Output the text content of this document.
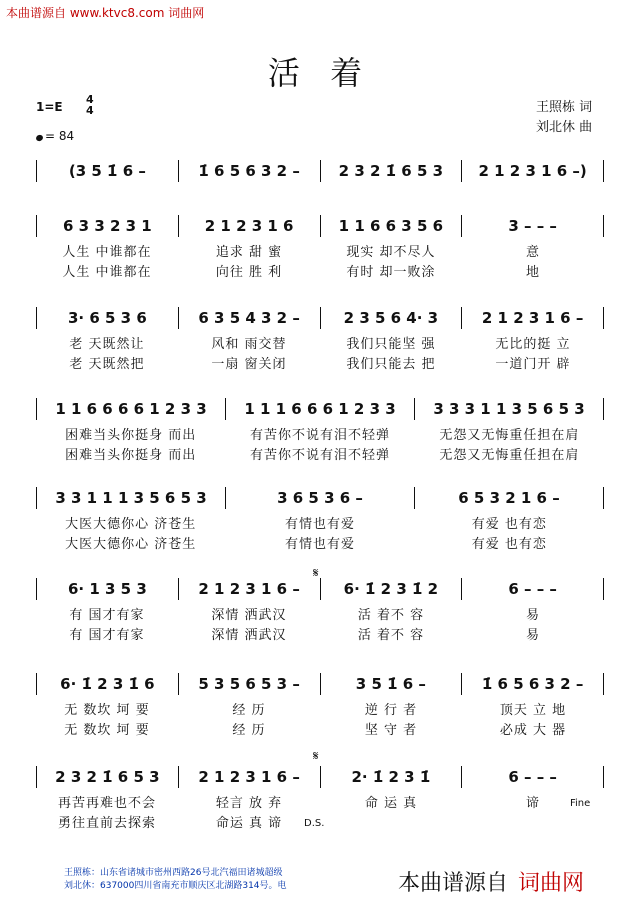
本曲谱源自 www.ktvc8.com 词曲网
活 着
1=E
4
4
= 84
王照栋 词
刘北休 曲
(3 5 1̇ 6 –	1̇ 6 5 6 3 2 –	2 3 2 1̇ 6 5 3	2 1 2 3 1 6 –)
6 3 3 2 3 1	2 1 2 3 1 6	1 1 6 6 3 5 6	3 – – –
人生 中谁都在	追求 甜 蜜	现实 却不尽人	意
人生 中谁都在	向往 胜 利	有时 却一败涂	地
3· 6 5 3 6	6 3 5 4 3 2 –	2 3 5 6 4· 3	2 1 2 3 1 6 –
老 天既然让	风和 雨交替	我们只能坚 强	无比的挺 立
老 天既然把	一扇 窗关闭	我们只能去 把	一道门开 辟
1 1 6 6 6 6 1 2 3 3	1 1 1 6 6 6 1 2 3 3	3 3 3 1 1 3 5 6 5 3
困难当头你挺身 而出	有苦你不说有泪不轻弹	无怨又无悔重任担在肩
困难当头你挺身 而出	有苦你不说有泪不轻弹	无怨又无悔重任担在肩
3 3 1 1 1 3 5 6 5 3	3 6 5 3 6 –	6 5 3 2 1 6 –
大医大德你心 济苍生	有情也有爱	有爱 也有恋
大医大德你心 济苍生	有情也有爱	有爱 也有恋
6· 1 3 5 3	2 1 2 3 1 6 –	6· 1̇ 2 3 1̇ 2	6 – – –
有 国才有家	深情 洒武汉	活 着不 容	易
有 国才有家	深情 洒武汉	活 着不 容	易
6· 1̇ 2 3 1̇ 6	5 3 5 6 5 3 –	3 5 1̇ 6 –	1̇ 6 5 6 3 2 –
无 数坎 坷 要	经 历	逆 行 者	顶天 立 地
无 数坎 坷 要	经 历	坚 守 者	必成 大 器
2 3 2 1̇ 6 5 3	2 1 2 3 1 6 –	2· 1̇ 2 3 1̇	6 – – –
再苦再难也不会	轻言 放 弃	命 运 真	谛
勇往直前去探索	命运 真 谛
Fine
D.S.
𝄋
𝄋
王照栋：山东省诸城市密州西路26号北汽福田诸城超级
刘北休：637000四川省南充市顺庆区北湖路314号。电	本曲谱源自 词曲网
